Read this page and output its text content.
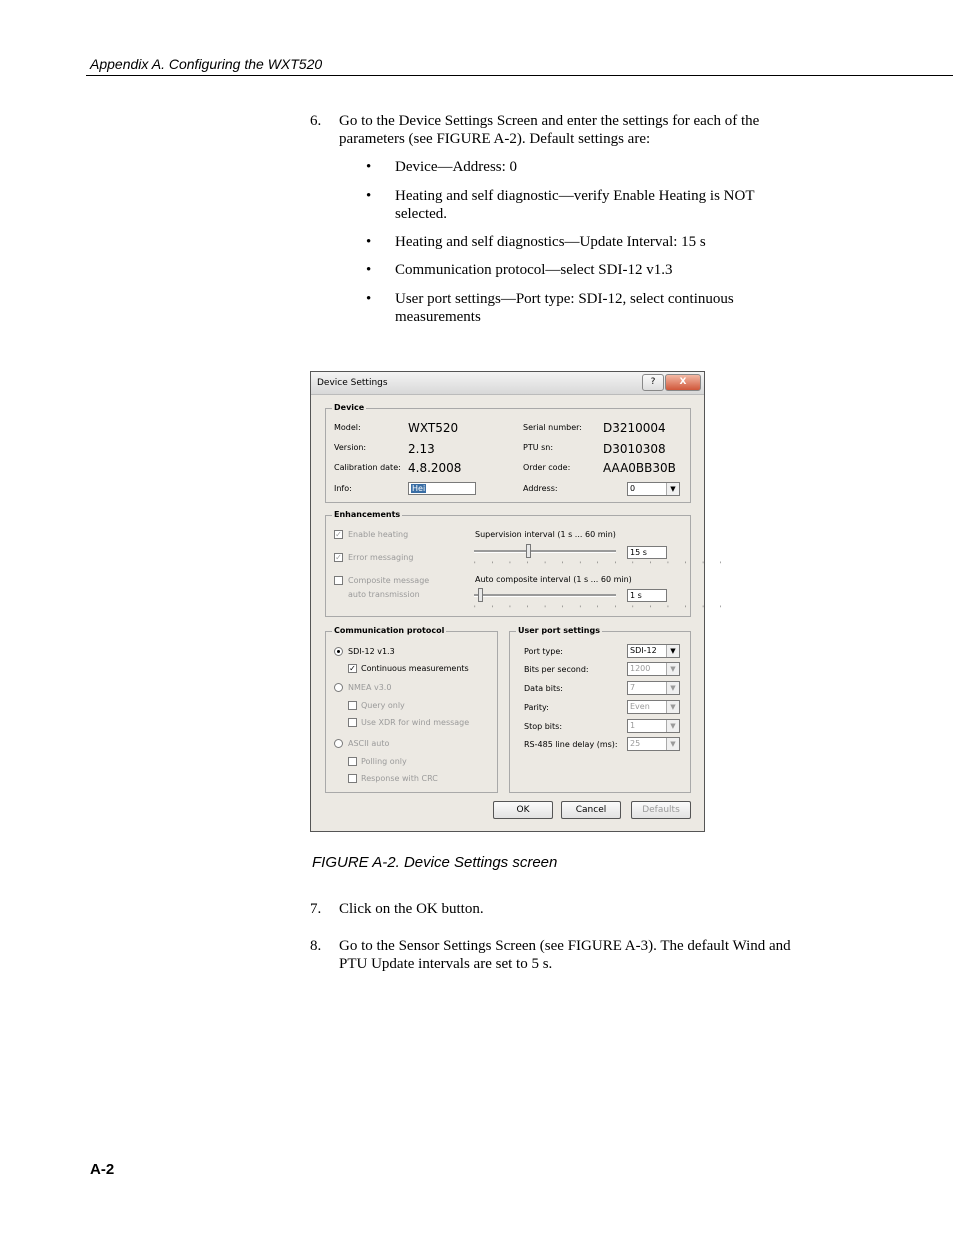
Appendix A. Configuring the WXT520
6. Go to the Device Settings Screen and enter the settings for each of the parameters (see FIGURE A-2). Default settings are:
• Device—Address: 0
• Heating and self diagnostic—verify Enable Heating is NOT selected.
• Heating and self diagnostics—Update Interval: 15 s
• Communication protocol—select SDI-12 v1.3
• User port settings—Port type: SDI-12, select continuous measurements
Device Settings	?	X
Device
Model:	WXT520
Version:	2.13
Calibration date: 4.8.2008
Info:	Hei
Serial number: D3210004
PTU sn:	D3010308
Order code:	AAA0BB30B
Address:	0	▼
Enhancements
✓ Enable heating
✓ Error messaging
Composite message
auto transmission
Supervision interval (1 s ... 60 min)
' ' ' ' ' ' ' ' ' ' ' ' ' ' '
15 s
Auto composite interval (1 s ... 60 min)
' ' ' ' ' ' ' ' ' ' ' ' ' ' '
1 s
Communication protocol
SDI-12 v1.3
✓ Continuous measurements
NMEA v3.0
Query only
Use XDR for wind message
ASCII auto
Polling only
Response with CRC
User port settings
Port type:	SDI-12	▼
Bits per second:	1200	▼
Data bits:	7	▼
Parity:	Even	▼
Stop bits:	1	▼
RS-485 line delay (ms):	25	▼
OK	Cancel	Defaults
FIGURE A-2. Device Settings screen
7. Click on the OK button.
8. Go to the Sensor Settings Screen (see FIGURE A-3). The default Wind and PTU Update intervals are set to 5 s.
A-2
